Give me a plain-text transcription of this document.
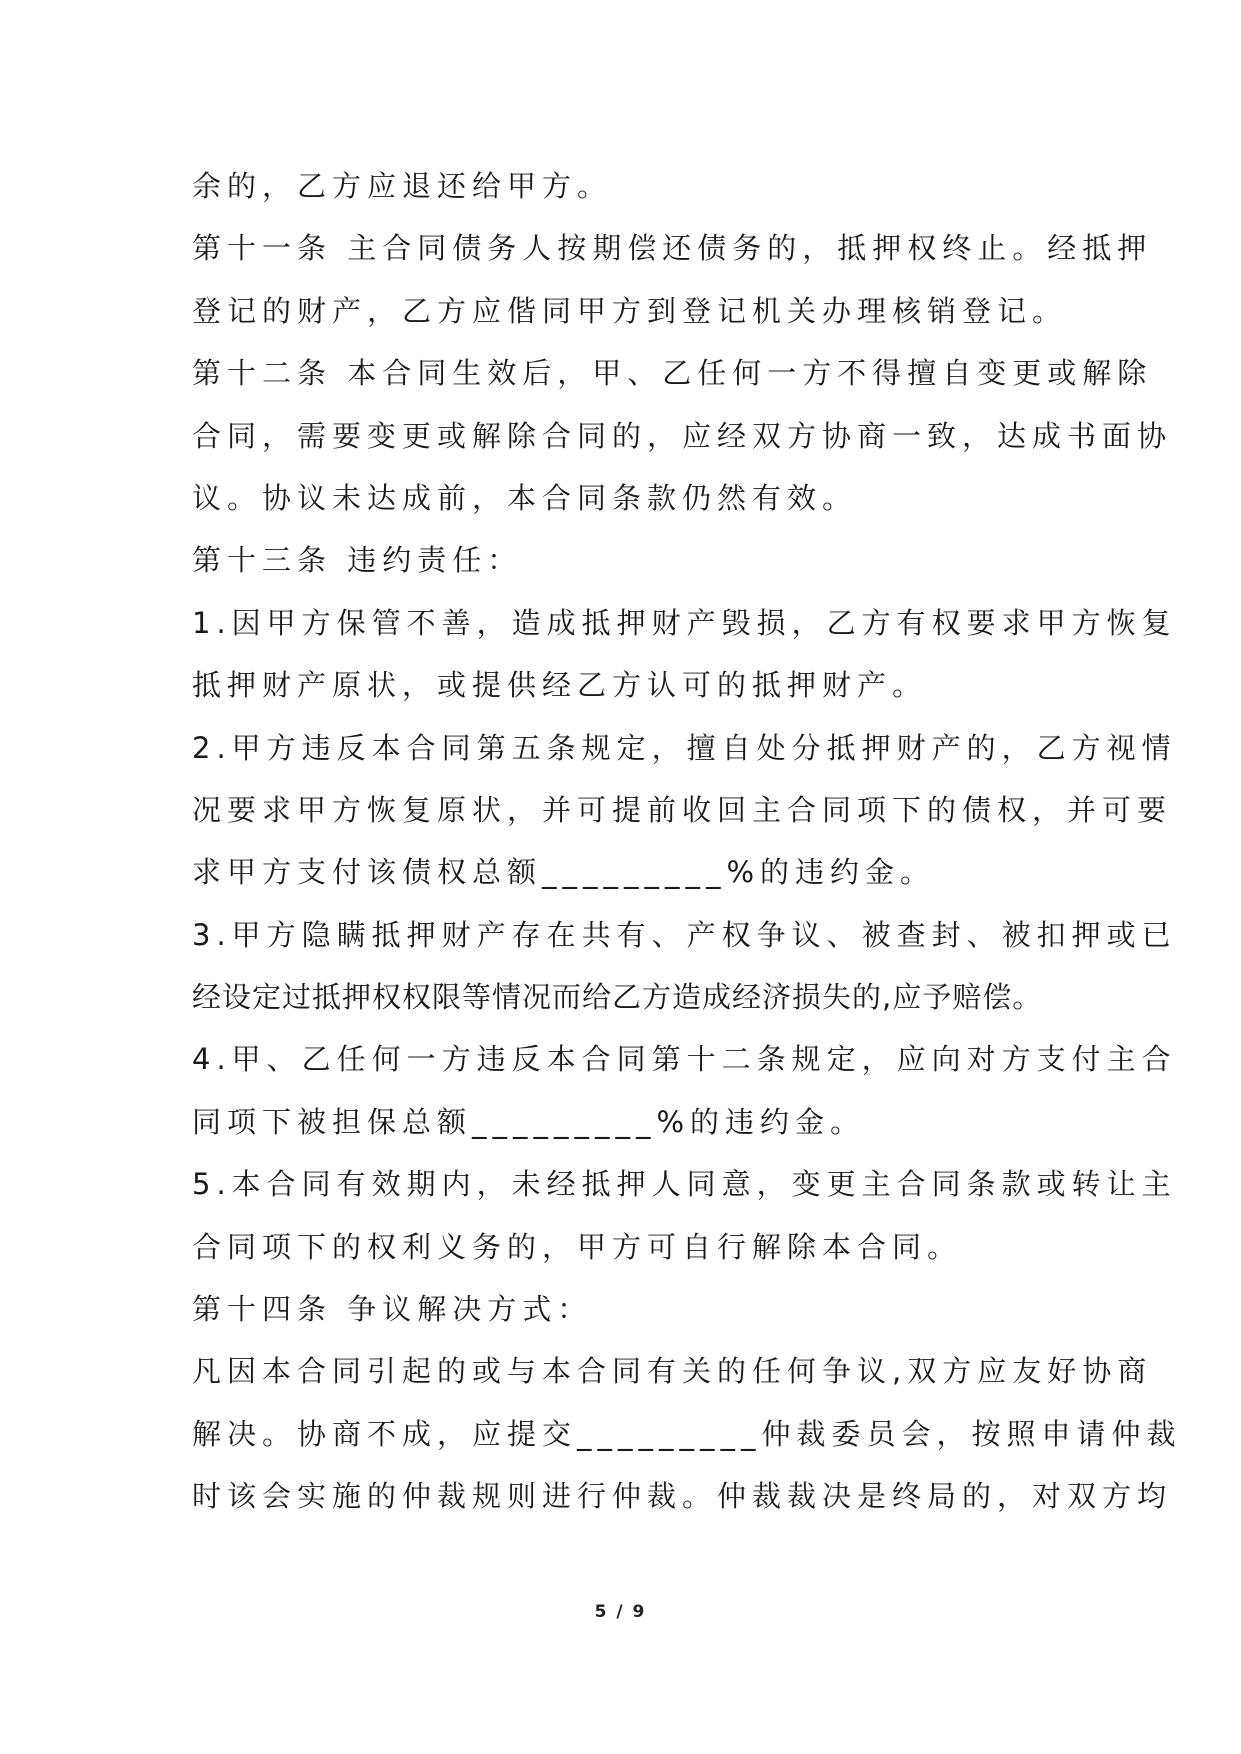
余的，乙方应退还给甲方。
第十一条 主合同债务人按期偿还债务的，抵押权终止。经抵押
登记的财产，乙方应偕同甲方到登记机关办理核销登记。
第十二条 本合同生效后，甲、乙任何一方不得擅自变更或解除
合同，需要变更或解除合同的，应经双方协商一致，达成书面协
议。协议未达成前，本合同条款仍然有效。
第十三条 违约责任：
1.因甲方保管不善，造成抵押财产毁损，乙方有权要求甲方恢复
抵押财产原状，或提供经乙方认可的抵押财产。
2.甲方违反本合同第五条规定，擅自处分抵押财产的，乙方视情
况要求甲方恢复原状，并可提前收回主合同项下的债权，并可要
求甲方支付该债权总额_________%的违约金。
3.甲方隐瞒抵押财产存在共有、产权争议、被查封、被扣押或已
经设定过抵押权权限等情况而给乙方造成经济损失的,应予赔偿。
4.甲、乙任何一方违反本合同第十二条规定，应向对方支付主合
同项下被担保总额_________%的违约金。
5.本合同有效期内，未经抵押人同意，变更主合同条款或转让主
合同项下的权利义务的，甲方可自行解除本合同。
第十四条 争议解决方式：
凡因本合同引起的或与本合同有关的任何争议,双方应友好协商
解决。协商不成，应提交_________仲裁委员会，按照申请仲裁
时该会实施的仲裁规则进行仲裁。仲裁裁决是终局的，对双方均
5 / 9
